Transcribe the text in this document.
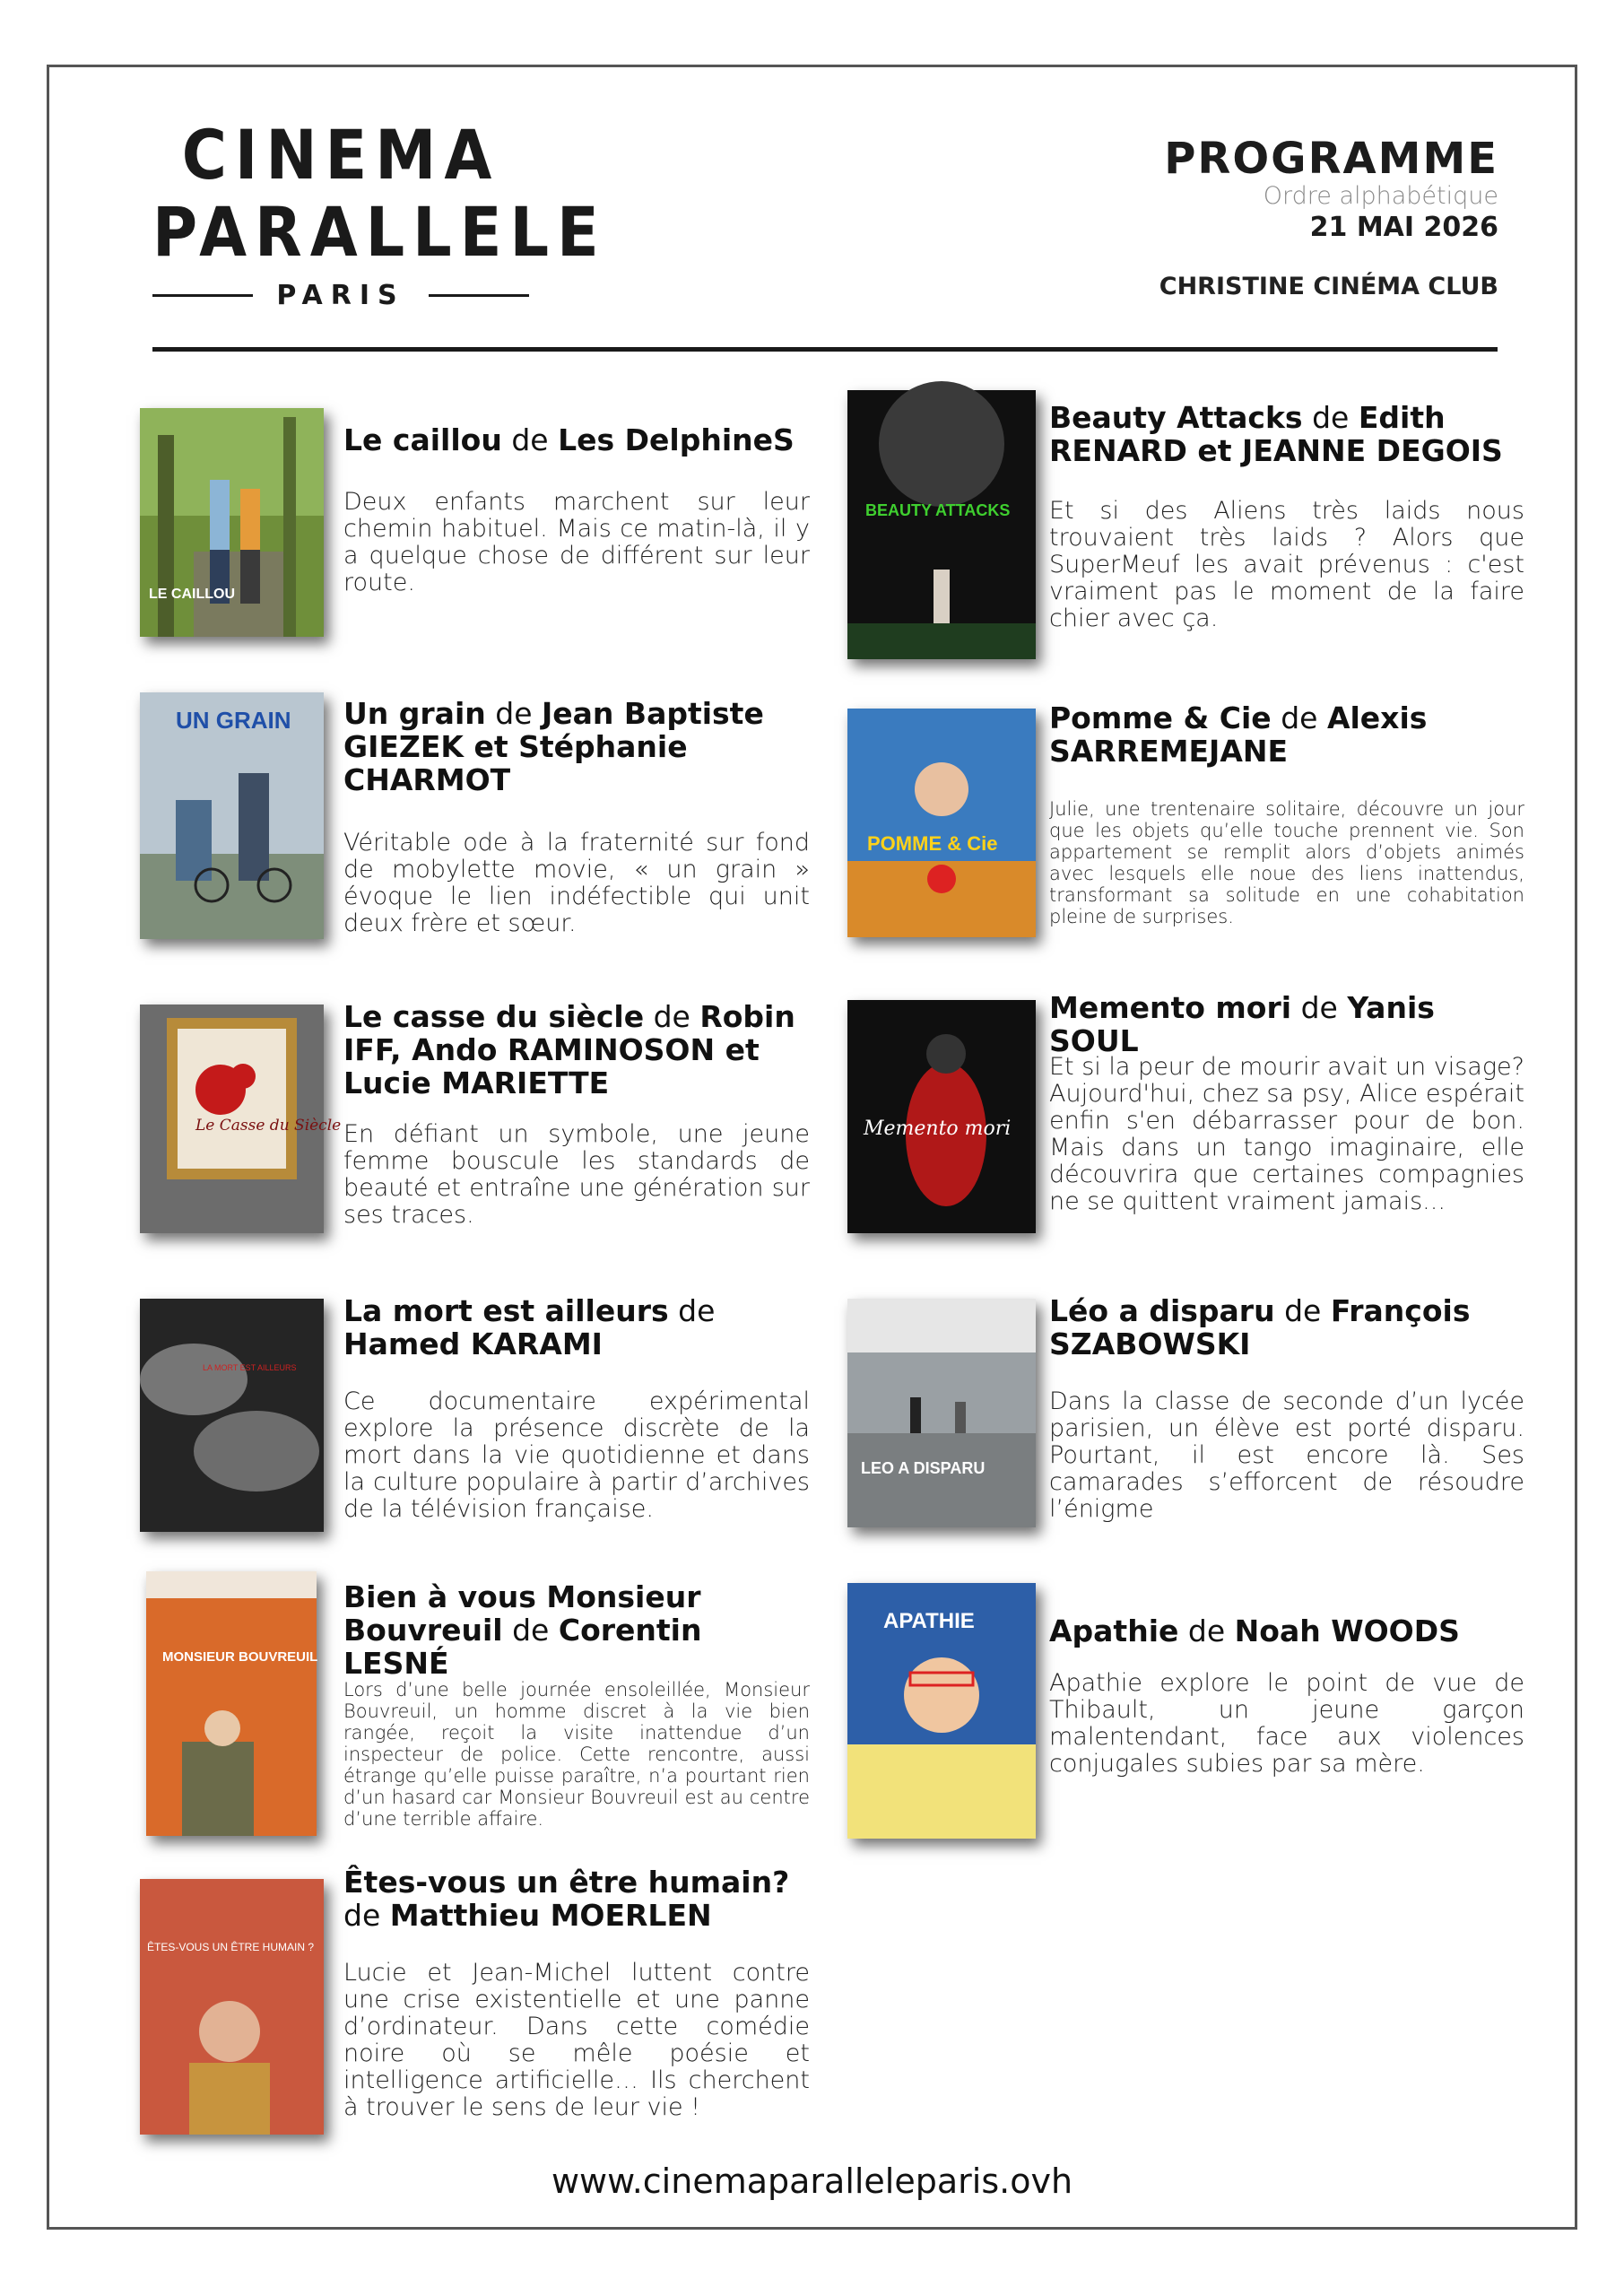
CINEMA
PARALLELE
PARIS
PROGRAMME
Ordre alphabétique
21 MAI 2026
CHRISTINE CINÉMA CLUB
LE CAILLOU
Le caillou de Les DelphineS
Deux enfants marchent sur leur chemin habituel. Mais ce matin-là, il y a quelque chose de différent sur leur route.
UN GRAIN Un grain de Jean Baptiste GIEZEK et Stéphanie CHARMOT
Véritable ode à la fraternité sur fond de mobylette movie, « un grain » évoque le lien indéfectible qui unit deux frère et sœur.
Le Casse du Siècle
Le casse du siècle de Robin IFF, Ando RAMINOSON et Lucie MARIETTE
En défiant un symbole, une jeune femme bouscule les standards de beauté et entraîne une génération sur ses traces.
LA MORT EST AILLEURS
La mort est ailleurs de Hamed KARAMI
Ce documentaire expérimental explore la présence discrète de la mort dans la vie quotidienne et dans la culture populaire à partir d’archives de la télévision française.
MONSIEUR BOUVREUIL
Bien à vous Monsieur Bouvreuil de Corentin LESNÉ
Lors d’une belle journée ensoleillée, Monsieur Bouvreuil, un homme discret à la vie bien rangée, reçoit la visite inattendue d’un inspecteur de police. Cette rencontre, aussi étrange qu’elle puisse paraître, n’a pourtant rien d’un hasard car Monsieur Bouvreuil est au centre d’une terrible affaire.
ÊTES-VOUS UN ÊTRE HUMAIN ?
Êtes-vous un être humain? de Matthieu MOERLEN
Lucie et Jean-Michel luttent contre une crise existentielle et une panne d’ordinateur. Dans cette comédie noire où se mêle poésie et intelligence artificielle… Ils cherchent à trouver le sens de leur vie !
BEAUTY ATTACKS
Beauty Attacks de Edith RENARD et JEANNE DEGOIS
Et si des Aliens très laids nous trouvaient très laids ? Alors que SuperMeuf les avait prévenus : c'est vraiment pas le moment de la faire chier avec ça.
POMME & Cie
Pomme & Cie de Alexis SARREMEJANE
Julie, une trentenaire solitaire, découvre un jour que les objets qu’elle touche prennent vie. Son appartement se remplit alors d’objets animés avec lesquels elle noue des liens inattendus, transformant sa solitude en une cohabitation pleine de surprises.
Memento mori
Memento mori de Yanis SOUL
Et si la peur de mourir avait un visage? Aujourd'hui, chez sa psy, Alice espérait enfin s'en débarrasser pour de bon. Mais dans un tango imaginaire, elle découvrira que certaines compagnies ne se quittent vraiment jamais...
LEO A DISPARU
Léo a disparu de François SZABOWSKI
Dans la classe de seconde d’un lycée parisien, un élève est porté disparu. Pourtant, il est encore là. Ses camarades s’efforcent de résoudre l’énigme
APATHIE	Apathie de Noah WOODS
Apathie explore le point de vue de Thibault, un jeune garçon malentendant, face aux violences conjugales subies par sa mère.
www.cinemaparalleleparis.ovh
